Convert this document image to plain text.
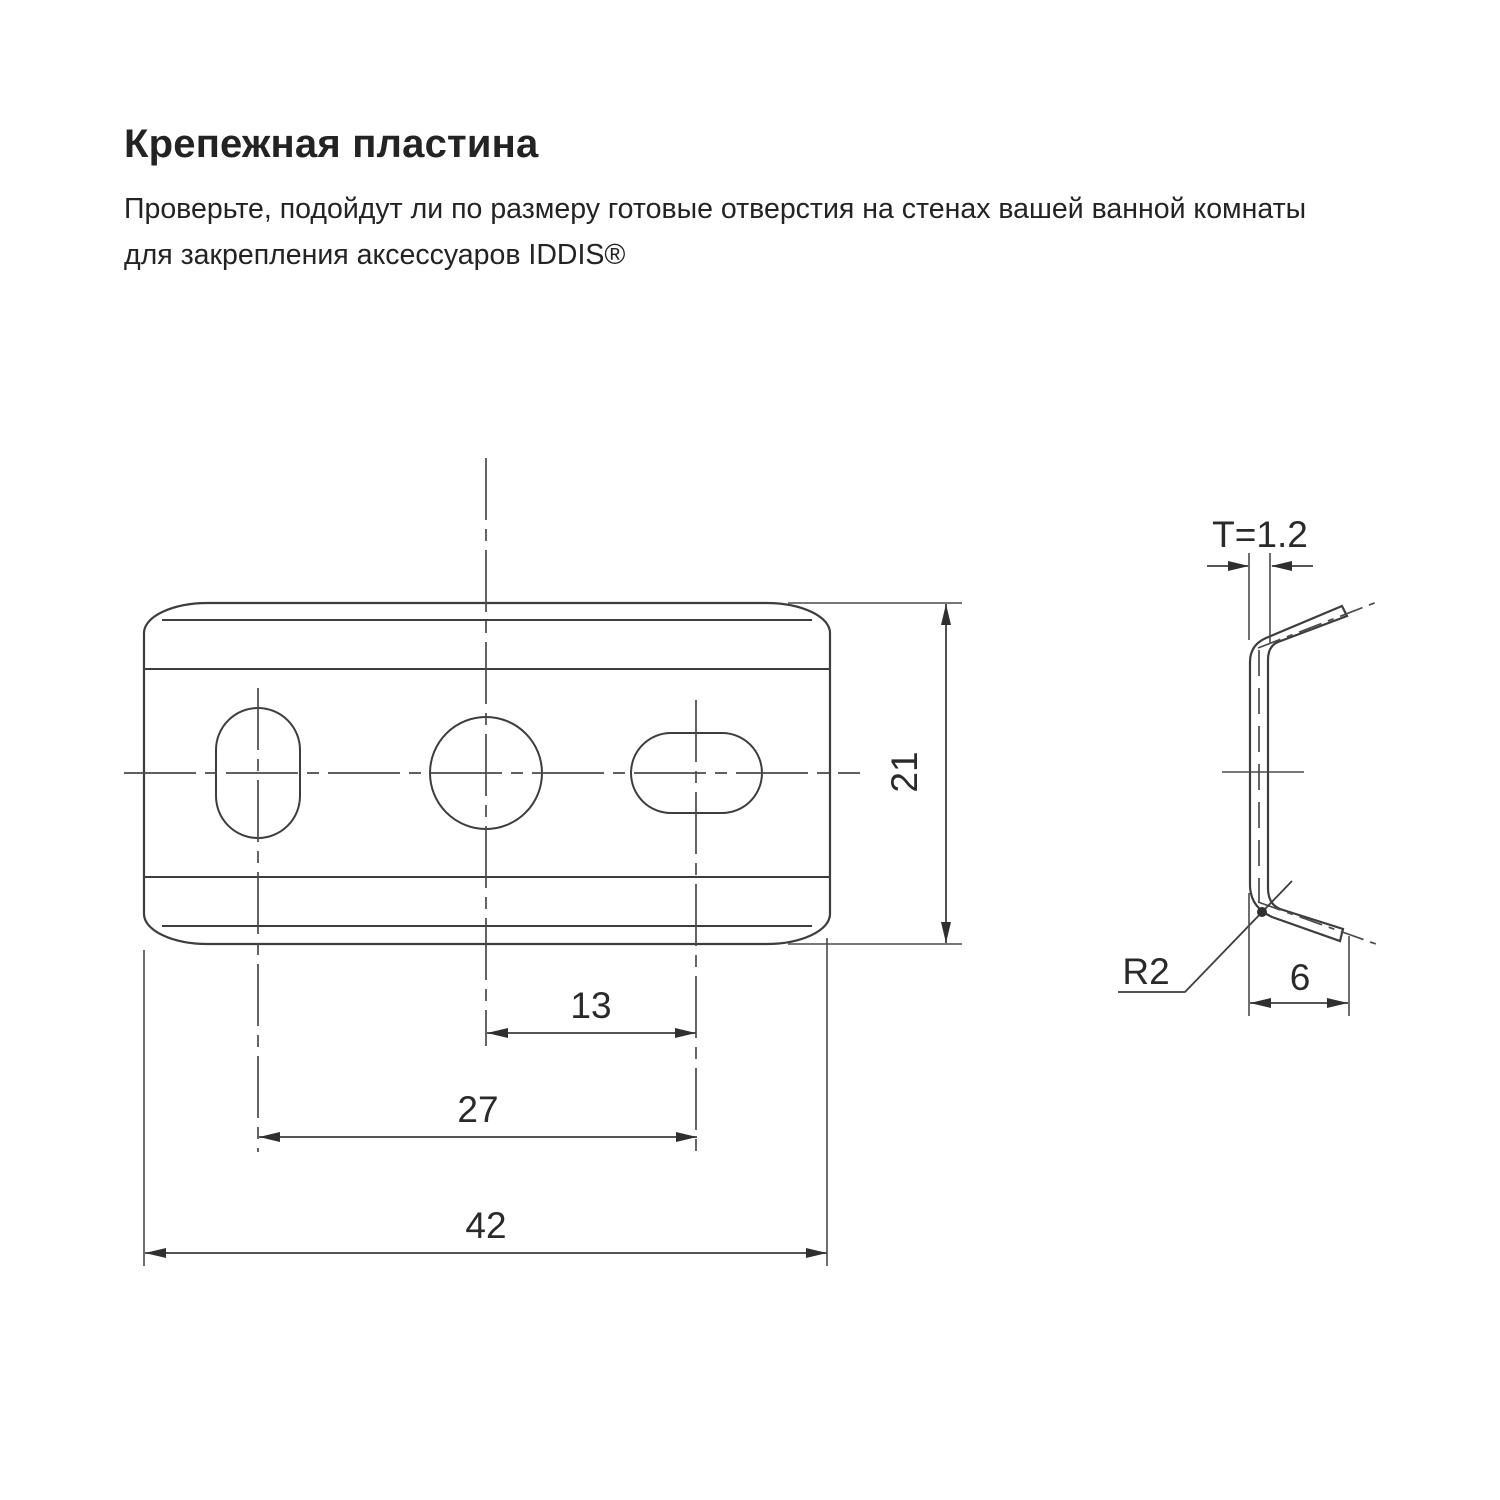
Крепежная пластина
Проверьте, подойдут ли по размеру готовые отверстия на стенах вашей ванной комнаты
для закрепления аксессуаров IDDIS®
13
27
42
21
T=1.2
R2	6
